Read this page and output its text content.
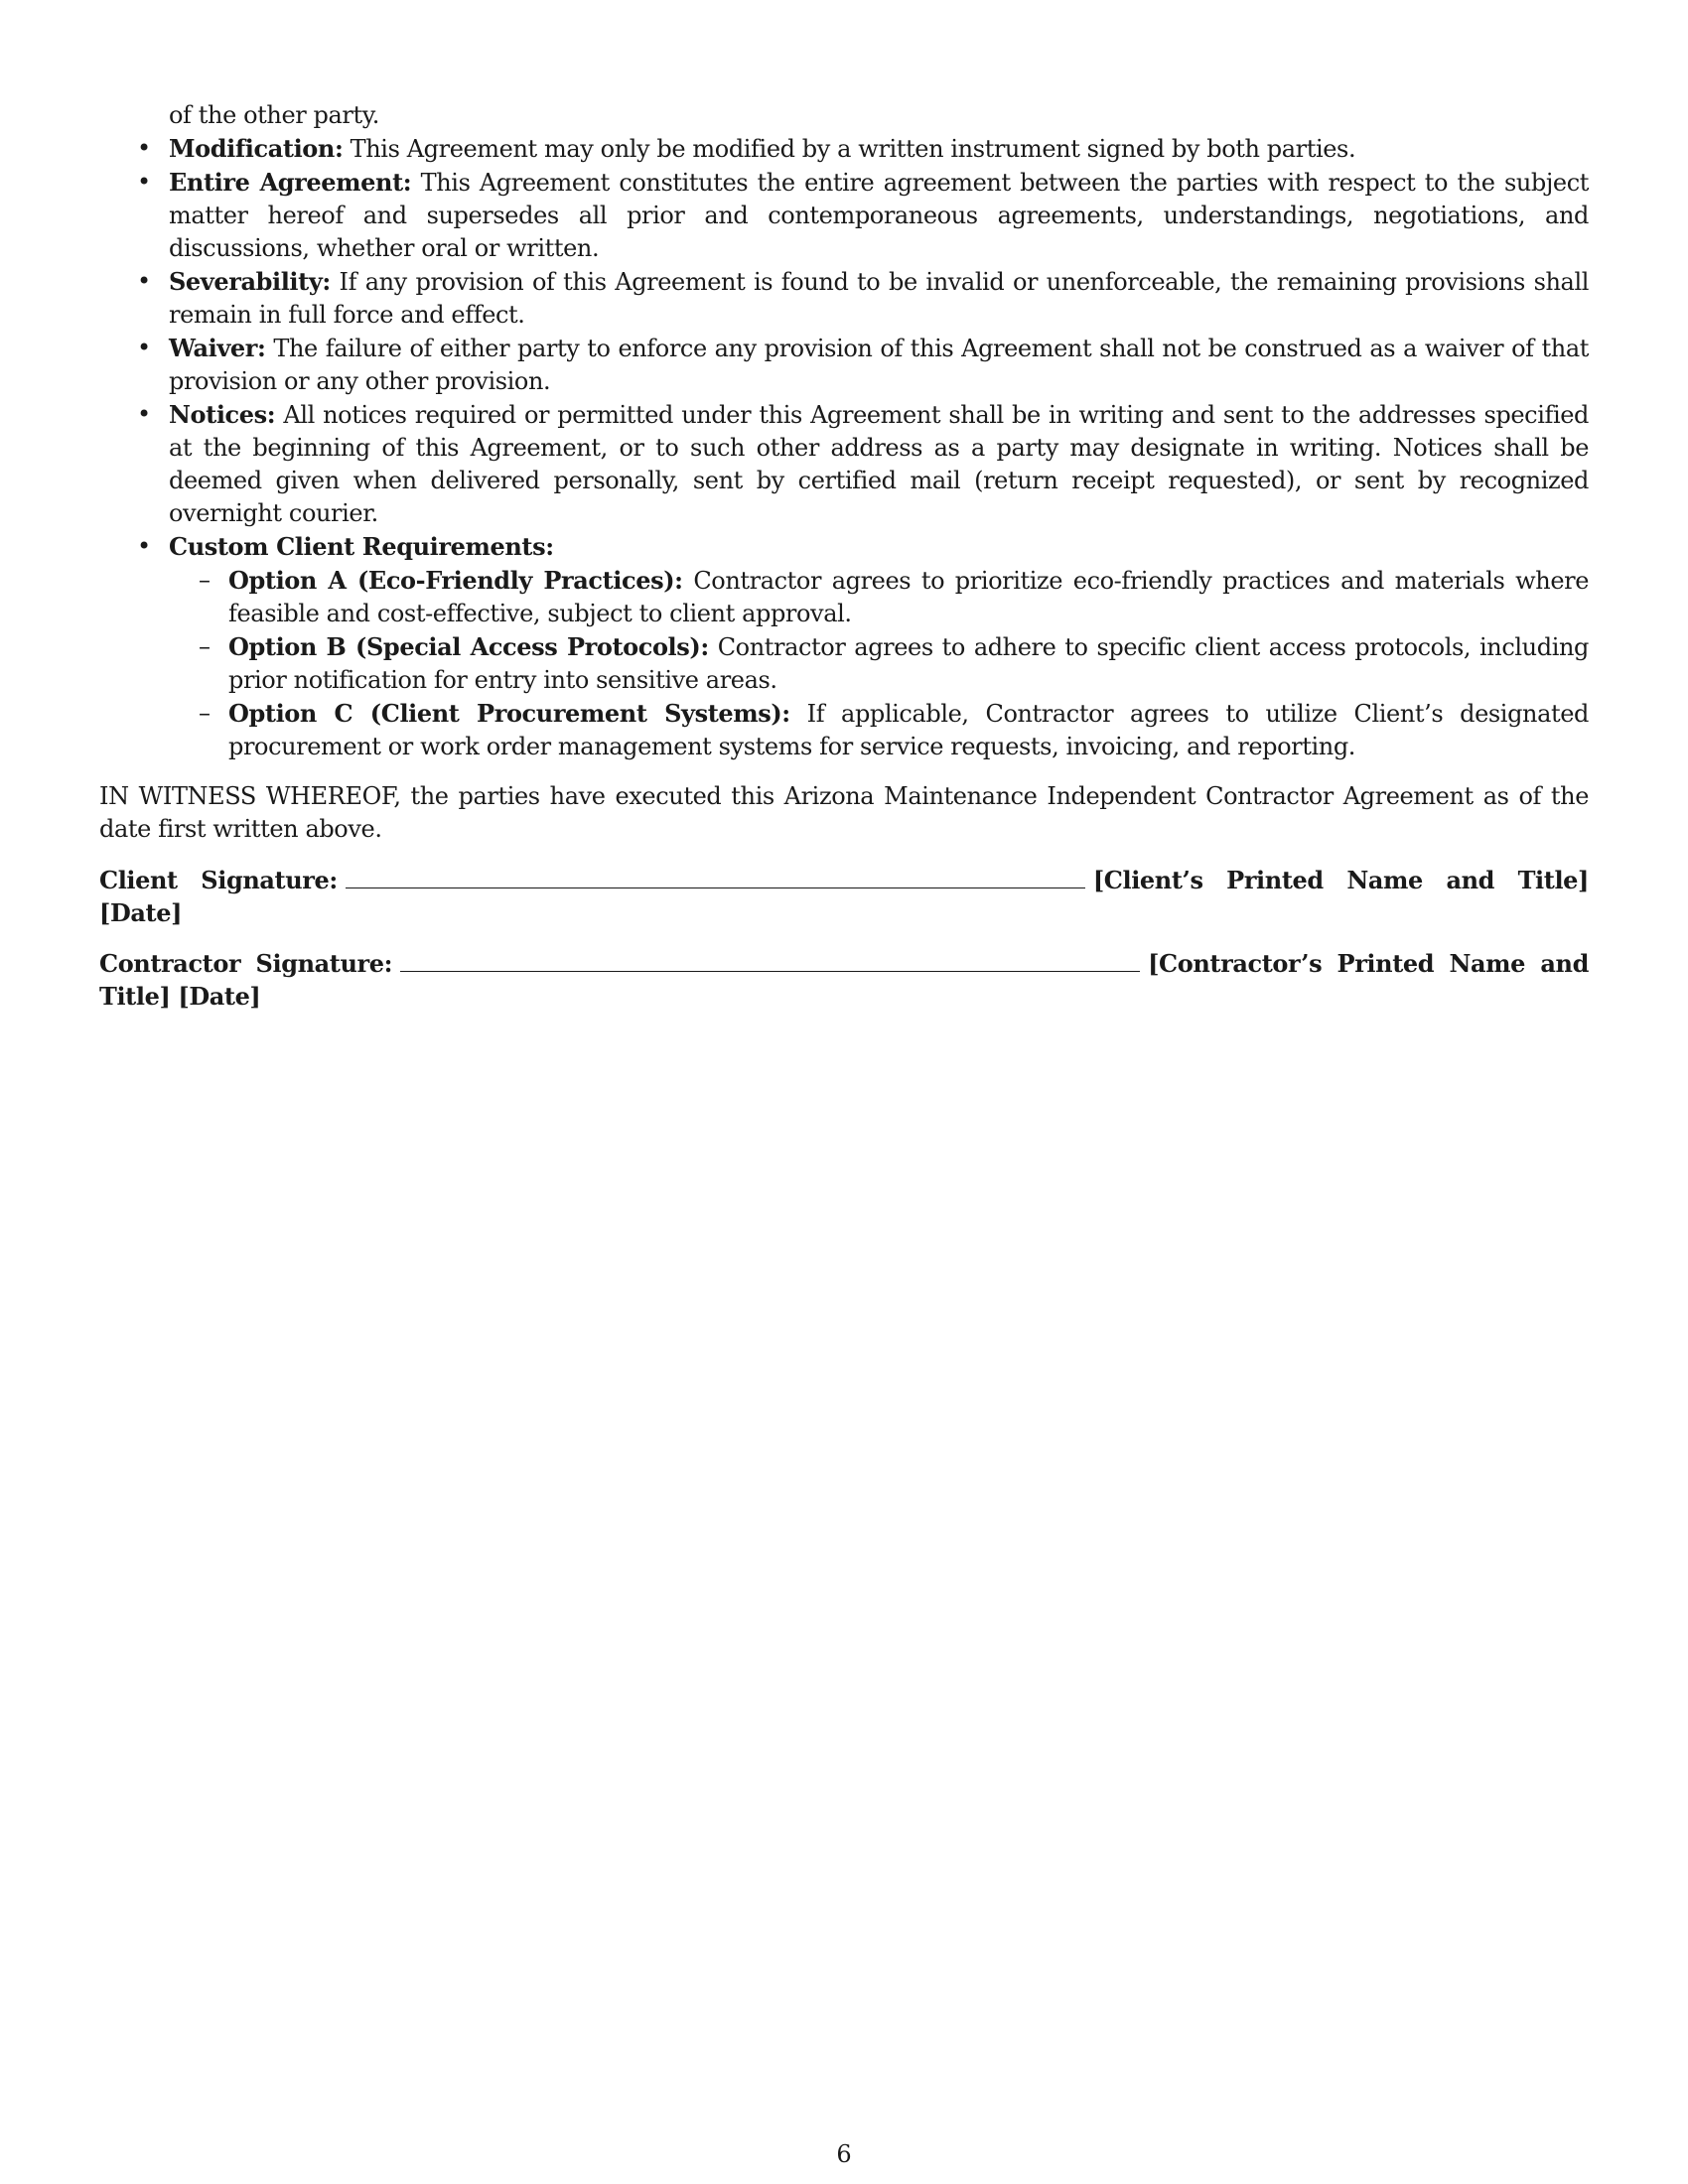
of the other party.
• Modification: This Agreement may only be modified by a written instrument signed by both parties.
• Entire Agreement: This Agreement constitutes the entire agreement between the parties with respect to the subject matter hereof and supersedes all prior and contemporaneous agreements, understandings, negotiations, and discussions, whether oral or written.
• Severability: If any provision of this Agreement is found to be invalid or unenforceable, the remaining provisions shall remain in full force and effect.
• Waiver: The failure of either party to enforce any provision of this Agreement shall not be construed as a waiver of that provision or any other provision.
• Notices: All notices required or permitted under this Agreement shall be in writing and sent to the addresses specified at the beginning of this Agreement, or to such other address as a party may designate in writing. Notices shall be deemed given when delivered personally, sent by certified mail (return receipt requested), or sent by recognized overnight courier.
• Custom Client Requirements:
– Option A (Eco-Friendly Practices): Contractor agrees to prioritize eco-friendly practices and materials where feasible and cost-effective, subject to client approval.
– Option B (Special Access Protocols): Contractor agrees to adhere to specific client access protocols, including prior notification for entry into sensitive areas.
– Option C (Client Procurement Systems): If applicable, Contractor agrees to utilize Client’s designated procurement or work order management systems for service requests, invoicing, and reporting.

IN WITNESS WHEREOF, the parties have executed this Arizona Maintenance Independent Contractor Agreement as of the date first written above.

Client Signature:	[Client’s Printed Name and Title] [Date]
Contractor Signature:	[Contractor’s Printed Name and Title] [Date]
6
